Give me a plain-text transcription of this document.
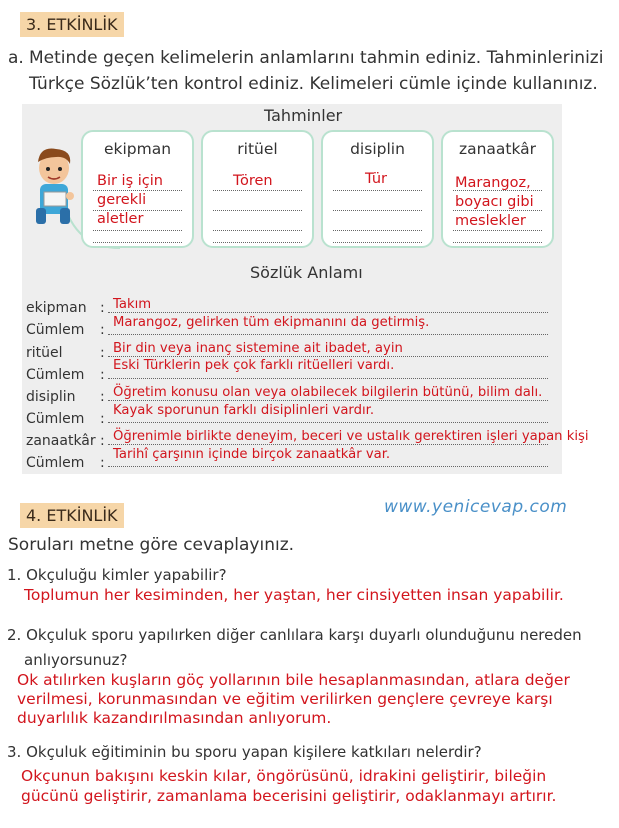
3. ETKİNLİK
a. Metinde geçen kelimelerin anlamlarını tahmin ediniz. Tahminlerinizi
Türkçe Sözlük’ten kontrol ediniz. Kelimeleri cümle içinde kullanınız.
Tahminler
ekipman
Bir iş için
gerekli
aletler
ritüel
Tören
disiplin
Tür
zanaatkâr
Marangoz,
boyacı gibi
meslekler
Sözlük Anlamı
ekipman : Takım
Cümlem : Marangoz, gelirken tüm ekipmanını da getirmiş.
ritüel	: Bir din veya inanç sistemine ait ibadet, ayin
Cümlem :
Eski Türklerin pek çok farklı ritüelleri vardı.
disiplin : Öğretim konusu olan veya olabilecek bilgilerin bütünü, bilim dalı.
Cümlem :
Kayak sporunun farklı disiplinleri vardır.
zanaatkâr : Öğrenimle birlikte deneyim, beceri ve ustalık gerektiren işleri yapan kişi
Cümlem :
Tarihî çarşının içinde birçok zanaatkâr var.
4. ETKİNLİK	www.yenicevap.com
Soruları metne göre cevaplayınız.
1. Okçuluğu kimler yapabilir?
Toplumun her kesiminden, her yaştan, her cinsiyetten insan yapabilir.
2. Okçuluk sporu yapılırken diğer canlılara karşı duyarlı olunduğunu nereden
anlıyorsunuz?
Ok atılırken kuşların göç yollarının bile hesaplanmasından, atlara değer
verilmesi, korunmasından ve eğitim verilirken gençlere çevreye karşı
duyarlılık kazandırılmasından anlıyorum.
3. Okçuluk eğitiminin bu sporu yapan kişilere katkıları nelerdir?
Okçunun bakışını keskin kılar, öngörüsünü, idrakini geliştirir, bileğin
gücünü geliştirir, zamanlama becerisini geliştirir, odaklanmayı artırır.
